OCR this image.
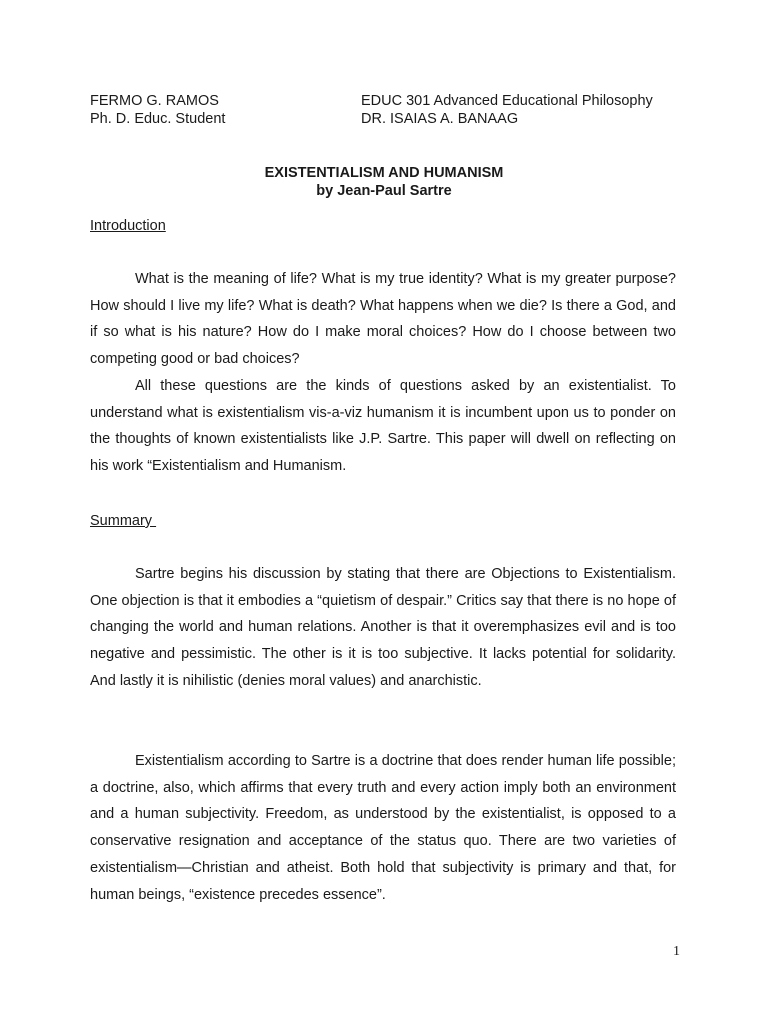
FERMO G. RAMOS
Ph. D. Educ. Student
EDUC 301 Advanced Educational Philosophy
DR. ISAIAS A. BANAAG
EXISTENTIALISM AND HUMANISM
by Jean-Paul Sartre
Introduction

What is the meaning of life? What is my true identity? What is my greater purpose? How should I live my life? What is death? What happens when we die? Is there a God, and if so what is his nature? How do I make moral choices? How do I choose between two competing good or bad choices?

All these questions are the kinds of questions asked by an existentialist. To understand what is existentialism vis-a-viz humanism it is incumbent upon us to ponder on the thoughts of known existentialists like J.P. Sartre. This paper will dwell on reflecting on his work “Existentialism and Humanism.

Summary

Sartre begins his discussion by stating that there are Objections to Existentialism. One objection is that it embodies a “quietism of despair.” Critics say that there is no hope of changing the world and human relations. Another is that it overemphasizes evil and is too negative and pessimistic. The other is it is too subjective. It lacks potential for solidarity. And lastly it is nihilistic (denies moral values) and anarchistic.

Existentialism according to Sartre is a doctrine that does render human life possible; a doctrine, also, which affirms that every truth and every action imply both an environment and a human subjectivity. Freedom, as understood by the existentialist, is opposed to a conservative resignation and acceptance of the status quo. There are two varieties of existentialism—Christian and atheist. Both hold that subjectivity is primary and that, for human beings, “existence precedes essence”.

1
